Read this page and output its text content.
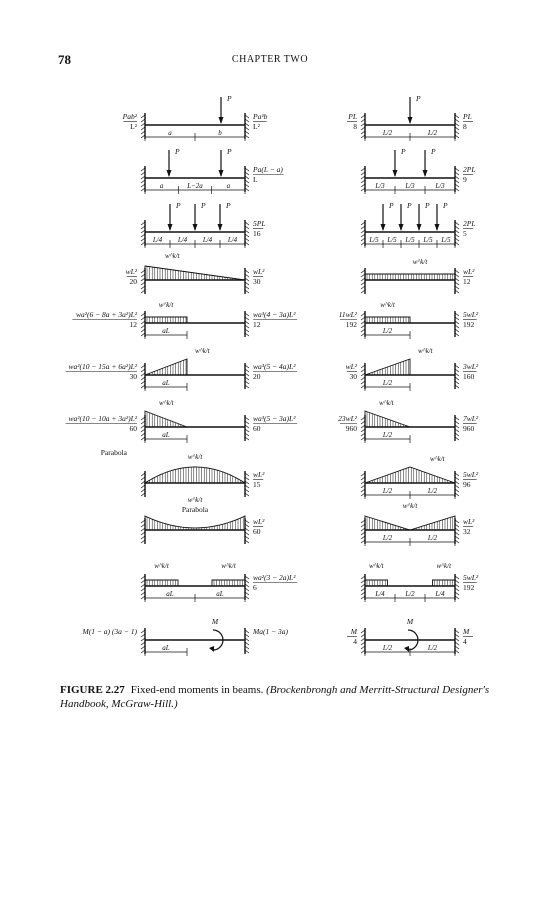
78	CHAPTER TWO
Pab²
L²
Pa²b
L²
P
a	b
Pa(L − a)
L
P	P
a	L−2a	a
5PL
16
P	P	P
L/4 L/4 L/4 L/4
wL²
20
wL²
30
w^k/t
wa²(6 − 8a + 3a²)L²
12
wa³(4 − 3a)L²
12
w^k/t
aL
wa²(10 − 15a + 6a²)L²
30
wa³(5 − 4a)L²
20
w^k/t
aL
wa²(10 − 10a + 3a²)L²
60
wa³(5 − 3a)L²
60
w^k/t
aL
wL²
15
w^k/t
Parabola
wL²
60
w^k/t
Parabola
wa²(3 − 2a)L²
6
w^k/t	w^k/t
aL	aL
M(1 − a) (3a − 1)	Ma(1 − 3a)
M
aL
PL
8
PL
8
P
L/2	L/2
2PL
9
P	P
L/3	L/3	L/3
2PL
5
P P P P
L/5 L/5 L/5 L/5 L/5
wL²
12
w^k/t
11wL²
192
5wL²
192
w^k/t
L/2
wL²
30
3wL²
160
w^k/t
L/2
23wL²
960
7wL²
960
w^k/t
L/2
5wL²
96
w^k/t
L/2	L/2
wL²
32
w^k/t
L/2	L/2
5wL²
192
w^k/t	w^k/t
L/4	L/2	L/4
M
4
M
4
M
L/2	L/2
FIGURE 2.27 Fixed-end moments in beams. (Brockenbrongh and Merritt-Structural Designer's Handbook, McGraw-Hill.)
